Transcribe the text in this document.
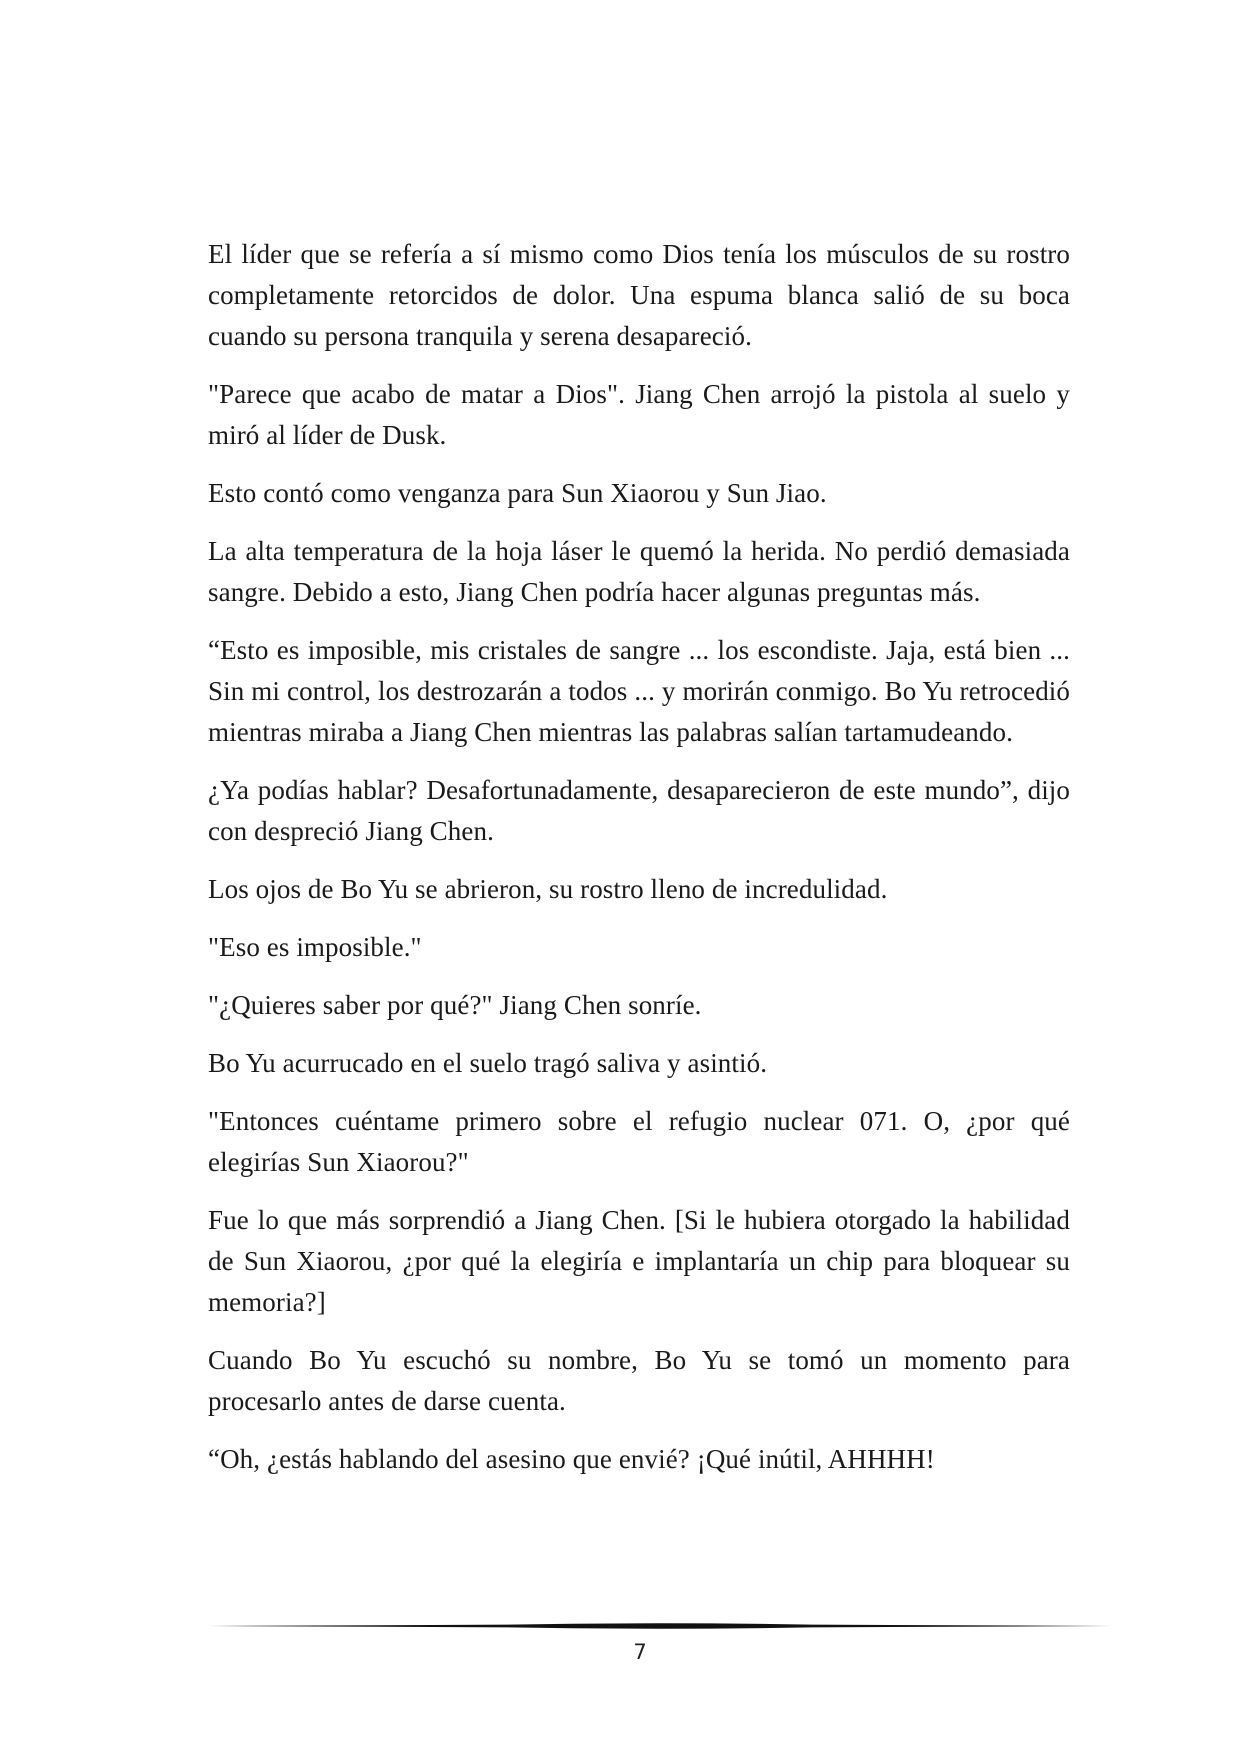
El líder que se refería a sí mismo como Dios tenía los músculos de su rostro completamente retorcidos de dolor. Una espuma blanca salió de su boca cuando su persona tranquila y serena desapareció.

"Parece que acabo de matar a Dios". Jiang Chen arrojó la pistola al suelo y miró al líder de Dusk.

Esto contó como venganza para Sun Xiaorou y Sun Jiao.

La alta temperatura de la hoja láser le quemó la herida. No perdió demasiada sangre. Debido a esto, Jiang Chen podría hacer algunas preguntas más.

“Esto es imposible, mis cristales de sangre ... los escondiste. Jaja, está bien ... Sin mi control, los destrozarán a todos ... y morirán conmigo. Bo Yu retrocedió mientras miraba a Jiang Chen mientras las palabras salían tartamudeando.

¿Ya podías hablar? Desafortunadamente, desaparecieron de este mundo”, dijo con despreció Jiang Chen.

Los ojos de Bo Yu se abrieron, su rostro lleno de incredulidad.

"Eso es imposible."

"¿Quieres saber por qué?" Jiang Chen sonríe.

Bo Yu acurrucado en el suelo tragó saliva y asintió.

"Entonces cuéntame primero sobre el refugio nuclear 071. O, ¿por qué elegirías Sun Xiaorou?"

Fue lo que más sorprendió a Jiang Chen. [Si le hubiera otorgado la habilidad de Sun Xiaorou, ¿por qué la elegiría e implantaría un chip para bloquear su memoria?]

Cuando Bo Yu escuchó su nombre, Bo Yu se tomó un momento para procesarlo antes de darse cuenta.

“Oh, ¿estás hablando del asesino que envié? ¡Qué inútil, AHHHH!

7
